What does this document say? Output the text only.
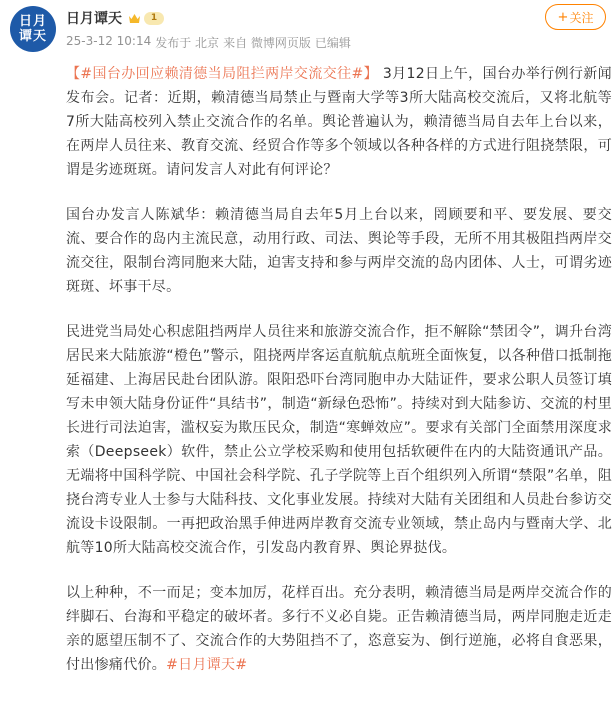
日月谭天
日月谭天	1
25-3-12 10:14 发布于 北京 来自 微博网页版 已编辑
+ 关注

【#国台办回应赖清德当局阻拦两岸交流交往#】 3月12日上午，国台办举行例行新闻发布会。记者：近期，赖清德当局禁止与暨南大学等3所大陆高校交流后，又将北航等7所大陆高校列入禁止交流合作的名单。舆论普遍认为，赖清德当局自去年上台以来，在两岸人员往来、教育交流、经贸合作等多个领域以各种各样的方式进行阻挠禁限，可谓是劣迹斑斑。请问发言人对此有何评论？

国台办发言人陈斌华：赖清德当局自去年5月上台以来，罔顾要和平、要发展、要交流、要合作的岛内主流民意，动用行政、司法、舆论等手段，无所不用其极阻挡两岸交流交往，限制台湾同胞来大陆，迫害支持和参与两岸交流的岛内团体、人士，可谓劣迹斑斑、坏事干尽。

民进党当局处心积虑阻挡两岸人员往来和旅游交流合作，拒不解除“禁团令”，调升台湾居民来大陆旅游“橙色”警示，阻挠两岸客运直航航点航班全面恢复，以各种借口抵制拖延福建、上海居民赴台团队游。限阳恐吓台湾同胞申办大陆证件，要求公职人员签订填写未申领大陆身份证件“具结书”，制造“新绿色恐怖”。持续对到大陆参访、交流的村里长进行司法迫害，滥权妄为欺压民众，制造“寒蝉效应”。要求有关部门全面禁用深度求索（Deepseek）软件，禁止公立学校采购和使用包括软硬件在内的大陆资通讯产品。无端将中国科学院、中国社会科学院、孔子学院等上百个组织列入所谓“禁限”名单，阻挠台湾专业人士参与大陆科技、文化事业发展。持续对大陆有关团组和人员赴台参访交流设卡设限制。一再把政治黑手伸进两岸教育交流专业领域，禁止岛内与暨南大学、北航等10所大陆高校交流合作，引发岛内教育界、舆论界挞伐。

以上种种，不一而足；变本加厉，花样百出。充分表明，赖清德当局是两岸交流合作的绊脚石、台海和平稳定的破坏者。多行不义必自毙。正告赖清德当局，两岸同胞走近走亲的愿望压制不了、交流合作的大势阻挡不了，恣意妄为、倒行逆施，必将自食恶果，付出惨痛代价。#日月谭天#
